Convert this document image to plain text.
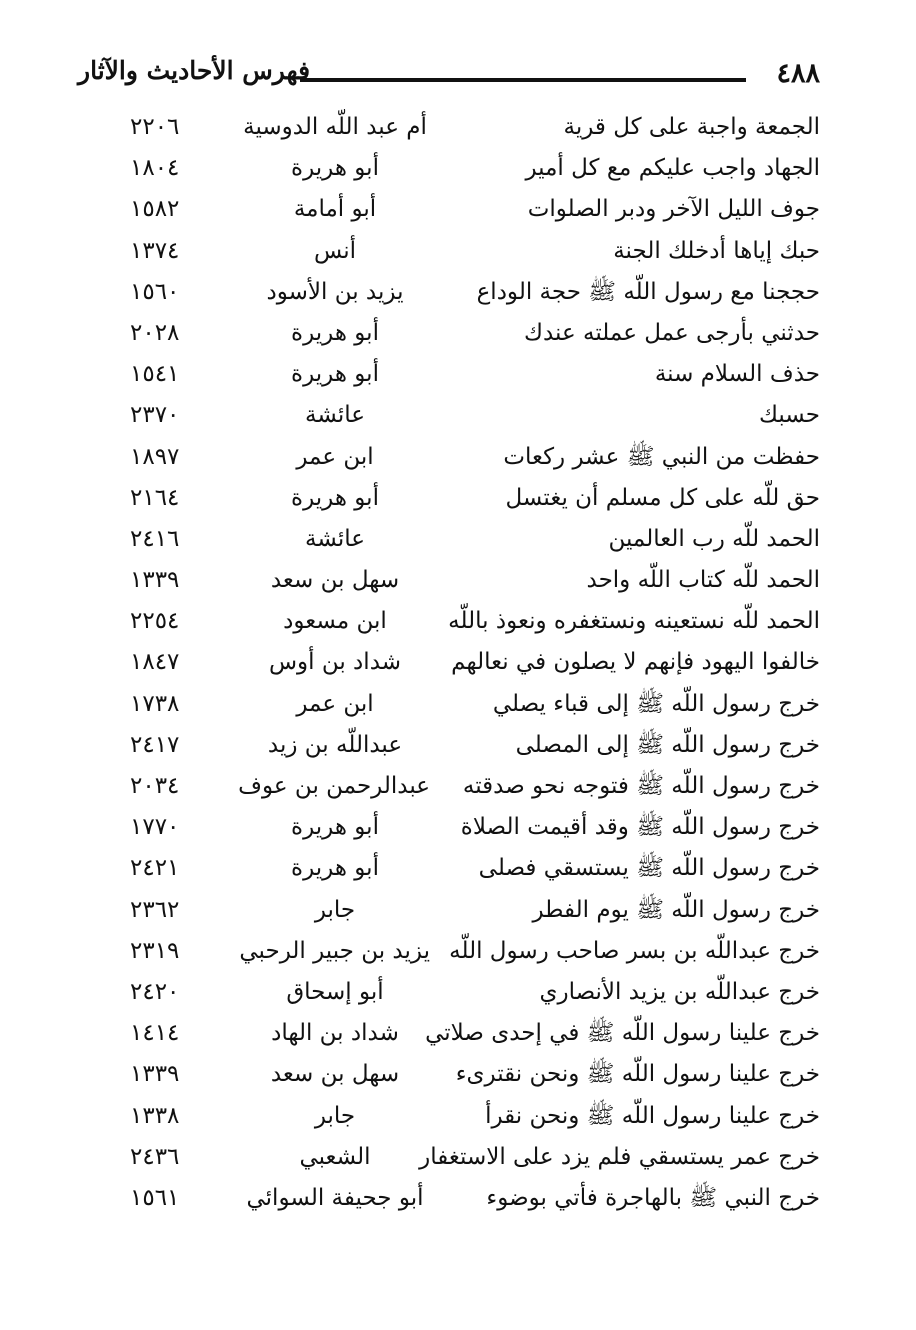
٤٨٨
فهرس الأحاديث والآثار
الجمعة واجبة على كل قرية
أم عبد اللّه الدوسية
٢٢٠٦
الجهاد واجب عليكم مع كل أمير
أبو هريرة
١٨٠٤
جوف الليل الآخر ودبر الصلوات
أبو أمامة
١٥٨٢
حبك إياها أدخلك الجنة
أنس
١٣٧٤
حججنا مع رسول اللّه ﷺ حجة الوداع
يزيد بن الأسود
١٥٦٠
حدثني بأرجى عمل عملته عندك
أبو هريرة
٢٠٢٨
حذف السلام سنة
أبو هريرة
١٥٤١
حسبك
عائشة
٢٣٧٠
حفظت من النبي ﷺ عشر ركعات
ابن عمر
١٨٩٧
حق للّه على كل مسلم أن يغتسل
أبو هريرة
٢١٦٤
الحمد للّه رب العالمين
عائشة
٢٤١٦
الحمد للّه كتاب اللّه واحد
سهل بن سعد
١٣٣٩
الحمد للّه نستعينه ونستغفره ونعوذ باللّه
ابن مسعود
٢٢٥٤
خالفوا اليهود فإنهم لا يصلون في نعالهم
شداد بن أوس
١٨٤٧
خرج رسول اللّه ﷺ إلى قباء يصلي
ابن عمر
١٧٣٨
خرج رسول اللّه ﷺ إلى المصلى
عبداللّه بن زيد
٢٤١٧
خرج رسول اللّه ﷺ فتوجه نحو صدقته
عبدالرحمن بن عوف
٢٠٣٤
خرج رسول اللّه ﷺ وقد أقيمت الصلاة
أبو هريرة
١٧٧٠
خرج رسول اللّه ﷺ يستسقي فصلى
أبو هريرة
٢٤٢١
خرج رسول اللّه ﷺ يوم الفطر
جابر
٢٣٦٢
خرج عبداللّه بن بسر صاحب رسول اللّه
يزيد بن جبير الرحبي
٢٣١٩
خرج عبداللّه بن يزيد الأنصاري
أبو إسحاق
٢٤٢٠
خرج علينا رسول اللّه ﷺ في إحدى صلاتي
شداد بن الهاد
١٤١٤
خرج علينا رسول اللّه ﷺ ونحن نقترىء
سهل بن سعد
١٣٣٩
خرج علينا رسول اللّه ﷺ ونحن نقرأ
جابر
١٣٣٨
خرج عمر يستسقي فلم يزد على الاستغفار
الشعبي
٢٤٣٦
خرج النبي ﷺ بالهاجرة فأتي بوضوء
أبو جحيفة السوائي
١٥٦١
